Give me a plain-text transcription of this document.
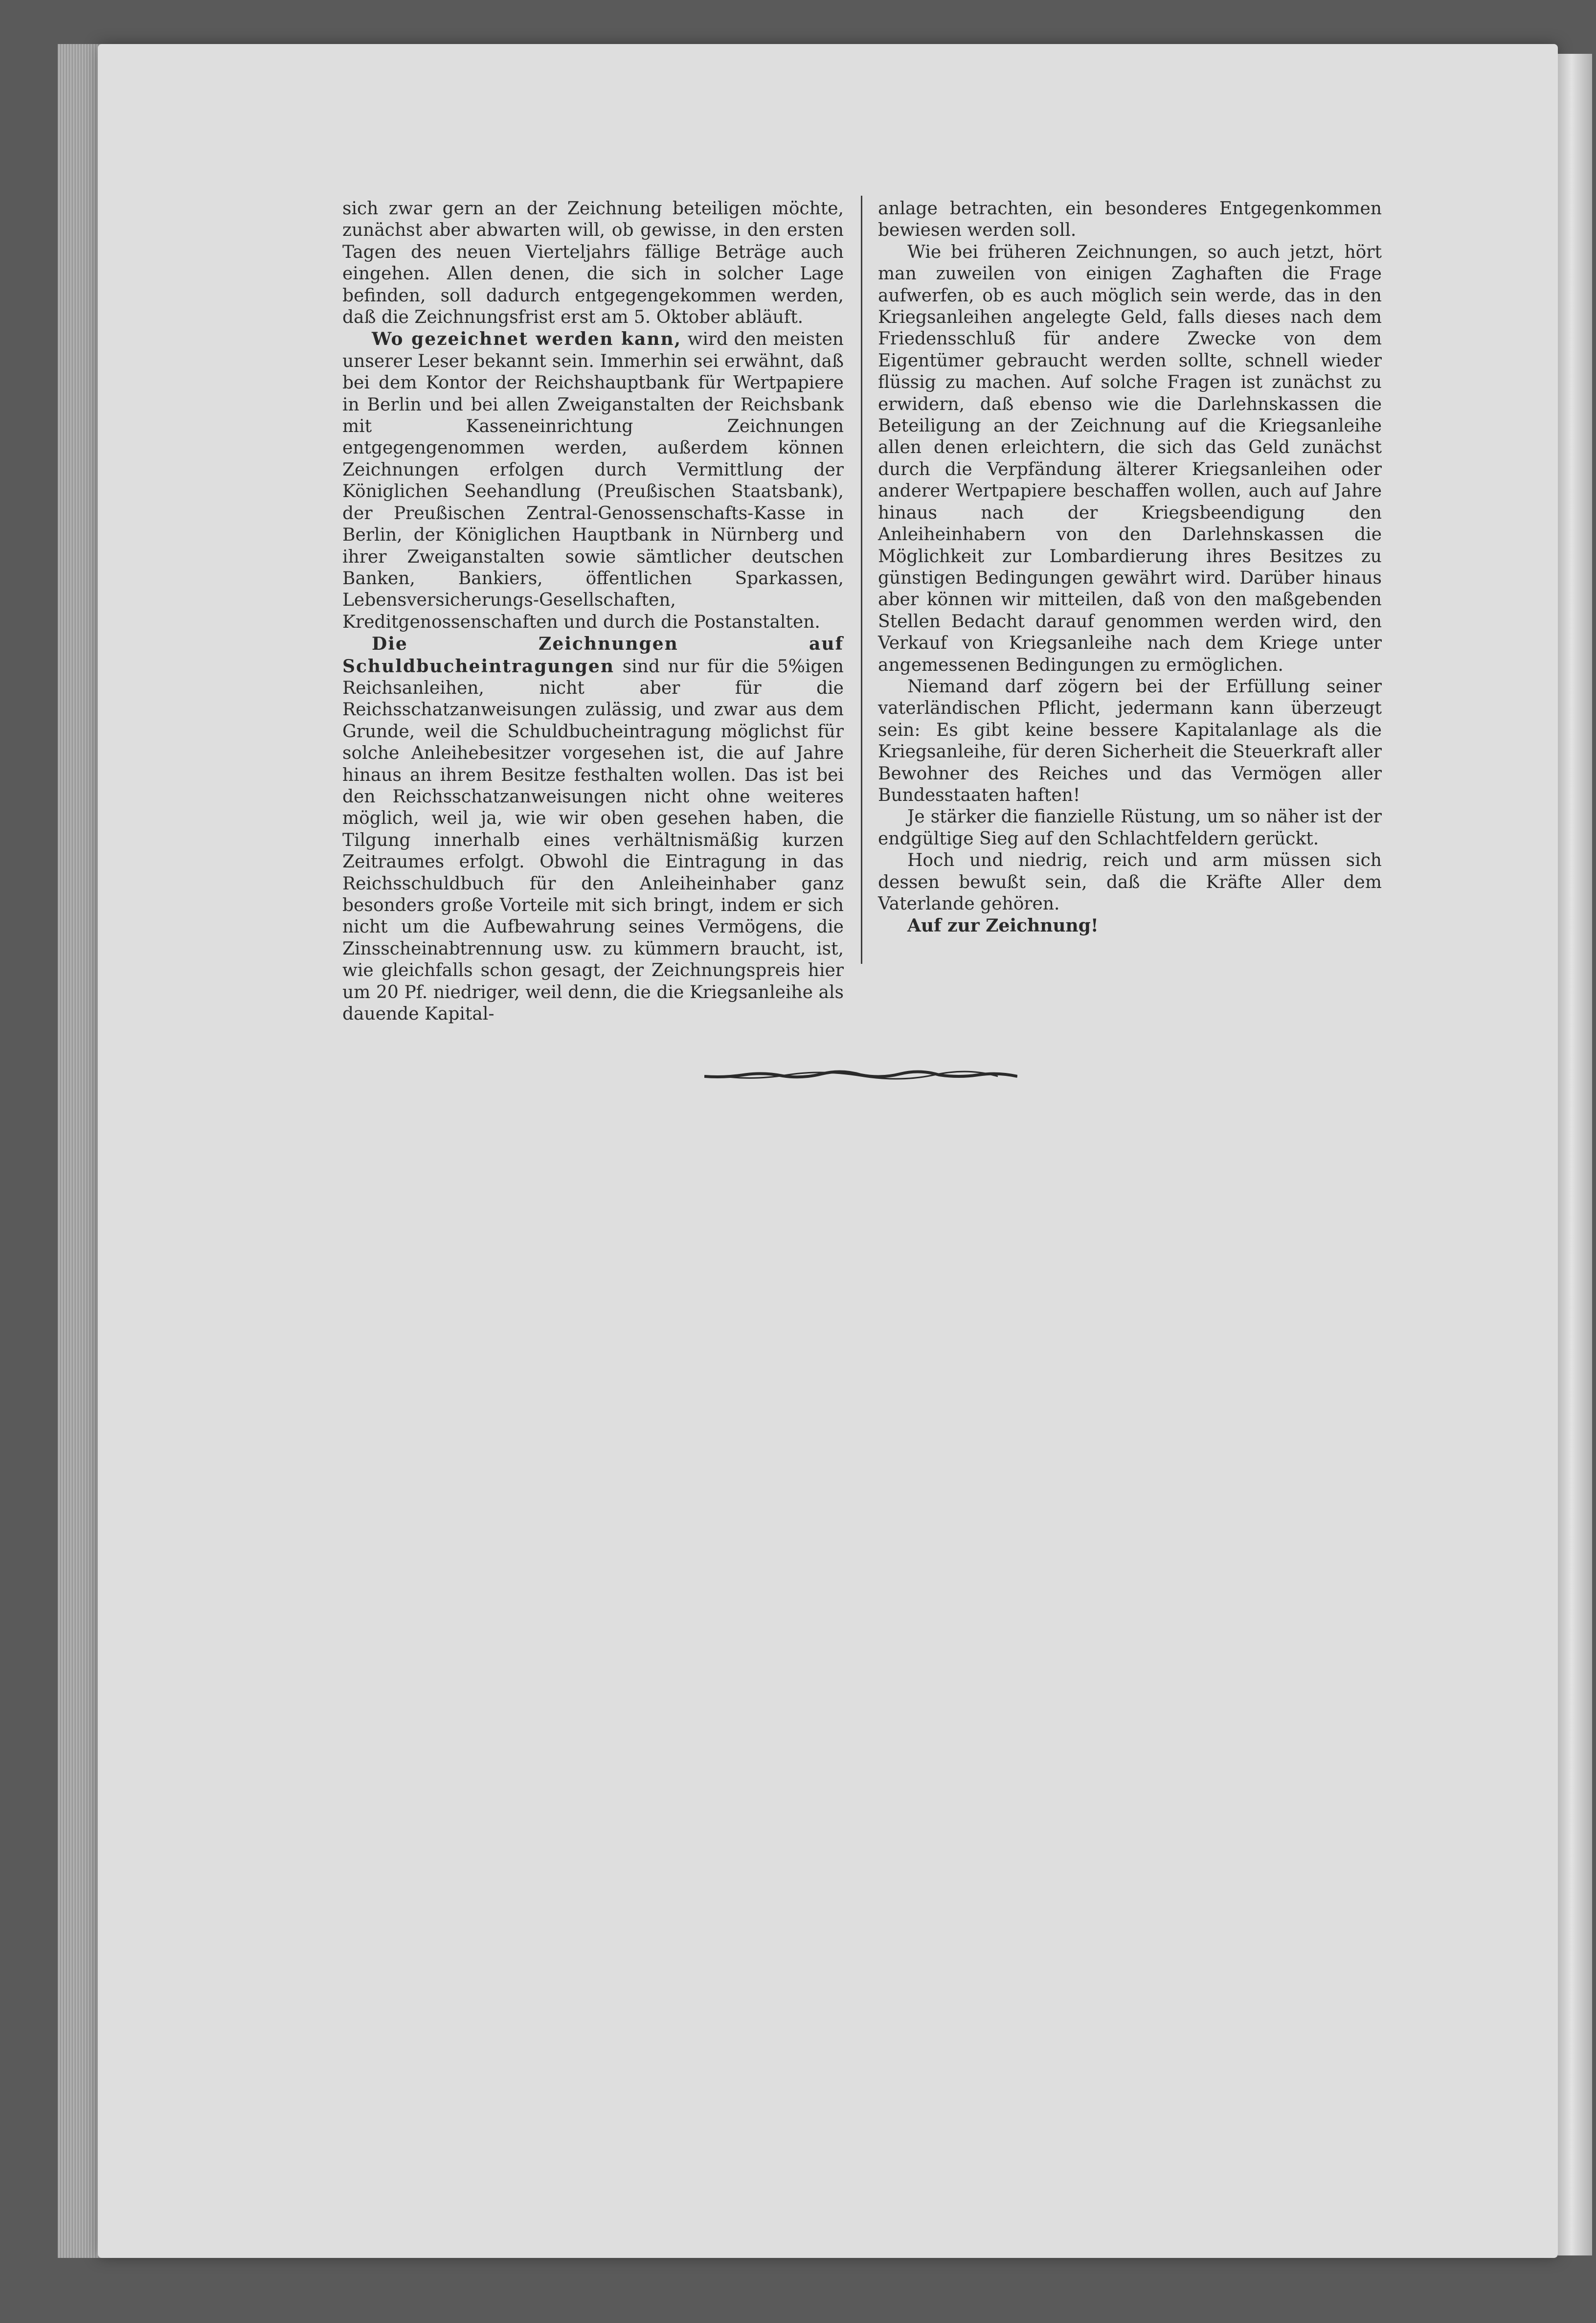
sich zwar gern an der Zeichnung beteiligen möchte, zunächst aber abwarten will, ob gewisse, in den ersten Tagen des neuen Vierteljahrs fällige Beträge auch eingehen. Allen denen, die sich in solcher Lage befinden, soll dadurch entgegengekommen werden, daß die Zeichnungsfrist erst am 5. Oktober abläuft.

Wo gezeichnet werden kann, wird den meisten unserer Leser bekannt sein. Immerhin sei erwähnt, daß bei dem Kontor der Reichshauptbank für Wertpapiere in Berlin und bei allen Zweiganstalten der Reichsbank mit Kasseneinrichtung Zeichnungen entgegengenommen werden, außerdem können Zeichnungen erfolgen durch Vermittlung der Königlichen Seehandlung (Preußischen Staatsbank), der Preußischen Zentral-Genossenschafts-Kasse in Berlin, der Königlichen Hauptbank in Nürnberg und ihrer Zweiganstalten sowie sämtlicher deutschen Banken, Bankiers, öffentlichen Sparkassen, Lebensversicherungs-Gesellschaften, Kreditgenossenschaften und durch die Postanstalten.

Die Zeichnungen auf Schuldbucheintragungen sind nur für die 5%igen Reichsanleihen, nicht aber für die Reichsschatzanweisungen zulässig, und zwar aus dem Grunde, weil die Schuldbucheintragung möglichst für solche Anleihebesitzer vorgesehen ist, die auf Jahre hinaus an ihrem Besitze festhalten wollen. Das ist bei den Reichsschatzanweisungen nicht ohne weiteres möglich, weil ja, wie wir oben gesehen haben, die Tilgung innerhalb eines verhältnismäßig kurzen Zeitraumes erfolgt. Obwohl die Eintragung in das Reichsschuldbuch für den Anleiheinhaber ganz besonders große Vorteile mit sich bringt, indem er sich nicht um die Aufbewahrung seines Vermögens, die Zinsscheinabtrennung usw. zu kümmern braucht, ist, wie gleichfalls schon gesagt, der Zeichnungspreis hier um 20 Pf. niedriger, weil denn, die die Kriegsanleihe als dauende Kapital-

anlage betrachten, ein besonderes Entgegenkommen bewiesen werden soll.

Wie bei früheren Zeichnungen, so auch jetzt, hört man zuweilen von einigen Zaghaften die Frage aufwerfen, ob es auch möglich sein werde, das in den Kriegsanleihen angelegte Geld, falls dieses nach dem Friedensschluß für andere Zwecke von dem Eigentümer gebraucht werden sollte, schnell wieder flüssig zu machen. Auf solche Fragen ist zunächst zu erwidern, daß ebenso wie die Darlehnskassen die Beteiligung an der Zeichnung auf die Kriegsanleihe allen denen erleichtern, die sich das Geld zunächst durch die Verpfändung älterer Kriegsanleihen oder anderer Wertpapiere beschaffen wollen, auch auf Jahre hinaus nach der Kriegsbeendigung den Anleiheinhabern von den Darlehnskassen die Möglichkeit zur Lombardierung ihres Besitzes zu günstigen Bedingungen gewährt wird. Darüber hinaus aber können wir mitteilen, daß von den maßgebenden Stellen Bedacht darauf genommen werden wird, den Verkauf von Kriegsanleihe nach dem Kriege unter angemessenen Bedingungen zu ermöglichen.

Niemand darf zögern bei der Erfüllung seiner vaterländischen Pflicht, jedermann kann überzeugt sein: Es gibt keine bessere Kapitalanlage als die Kriegsanleihe, für deren Sicherheit die Steuerkraft aller Bewohner des Reiches und das Vermögen aller Bundesstaaten haften!

Je stärker die fianzielle Rüstung, um so näher ist der endgültige Sieg auf den Schlachtfeldern gerückt.

Hoch und niedrig, reich und arm müssen sich dessen bewußt sein, daß die Kräfte Aller dem Vaterlande gehören.

Auf zur Zeichnung!
